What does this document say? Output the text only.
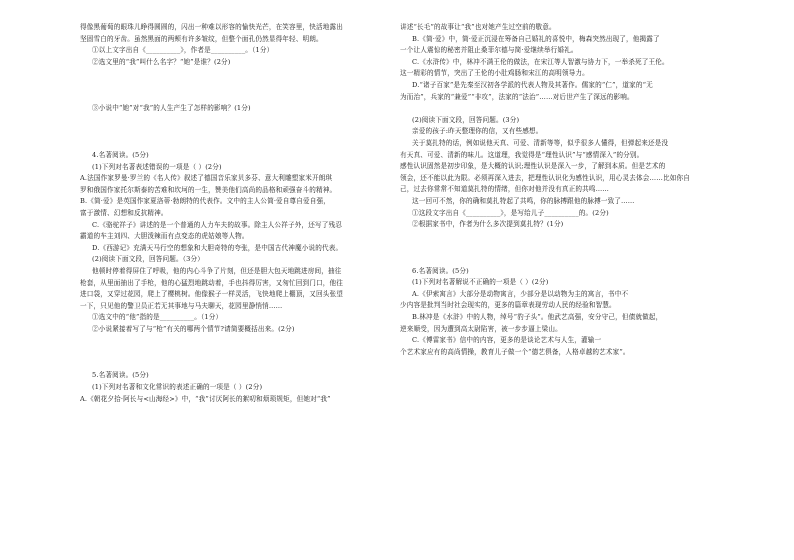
得像黑葡萄的眼珠儿睁得圆圆的，闪出一种难以形容的愉快光芒，在笑容里，快活地露出
坚固雪白的牙齿。虽然黑面的两颊有许多皱纹，但整个面孔仍然显得年轻、明朗。
①以上文字出自《__________》，作者是__________。（1分）
②选文里的“我”叫什么名字？“她”是谁？(2分)
③小说中“她”对“我”的人生产生了怎样的影响？(1分)
4.名著阅读。(5分)
(1)下列对名著表述错误的一项是（ ）(2分)
A.法国作家罗曼·罗兰的《名人传》叙述了德国音乐家贝多芬、意大利雕塑家米开朗琪
罗和俄国作家托尔斯泰的苦难和坎坷的一生，赞美他们高尚的品格和顽强奋斗的精神。
B.《简·爱》是英国作家夏洛蒂·勃朗特的代表作。文中的主人公简·爱自尊自爱自强，
富于激情、幻想和反抗精神。
C.《骆驼祥子》讲述的是一个普通的人力车夫的故事。除主人公祥子外，还写了残忍
霸道的车主刘四、大胆泼辣而有点变态的虎姑娘等人物。
D.《西游记》充满天马行空的想象和大胆奇特的夸张，是中国古代神魔小说的代表。
(2)阅读下面文段，回答问题。（3分）
他顿时停着得屏住了呼吸，他的内心斗争了片刻，但还是胆大包天地跳进房间，抽往
枪套，从里面抽出了手枪，他的心猛烈地跳动着，手也抖得厉害，又匆忙回到门口，他往
进口袋，又穿过花园，爬上了樱桃树。他像猴子一样灵活，飞快地爬上棚顶，又回头张望
一下，只见他的警卫员正若无其事地与马夫聊天，花园里静悄悄……
①选文中的“他”指的是__________。（1分）
②小说紧接着写了与“枪”有关的哪两个情节?请简要概括出来。(2分)
5.名著阅读。(5分)
(1)下列对名著和文化常识的表述正确的一项是（ ）(2分)
A.《朝花夕拾·阿长与<山海经>》中，“我”讨厌阿长的絮叨和烦琐规矩，但她对“我”
讲述“长毛”的故事让“我”也对她产生过空前的敬意。
B.《简·爱》中，简·爱正沉浸在筹备自己婚礼的喜悦中，梅森突然出现了，他揭露了
一个让人震惊的秘密并阻止桑菲尔德与简·爱继续举行婚礼。
C.《水浒传》中，林冲不满王伦的做法，在宋江等人智激与协力下，一举杀死了王伦。
这一精彩的情节，突出了王伦的小肚鸡肠和宋江的高明领导力。
D.“诸子百家”是先秦至汉初各学派的代表人物及其著作。儒家的“仁”，道家的“无
为而治”，兵家的“兼爱”“非攻”，法家的“法治”……对后世产生了深远的影响。
(2)阅读下面文段，回答问题。(3分)
亲爱的孩子:昨天整理你的信，又有些感想。
关于莫扎特的话，例如说他天真、可爱、清新等等，似乎很多人懂得，但弹起来还是没
有天真、可爱、清新的味儿。这道理，我觉得是“理性认识”与“感情深入”的分别。
感性认识固然是初步印象，是大概的认识;理性认识是深入一步，了解到本质。但是艺术的
领会，还不能以此为限。必须再深入进去，把理性认识化为感性认识，用心灵去体会……比如你自
己，过去你常常不知道莫扎特的情绪，但你对他并没有真正的共鸣……
这一回可不然，你的确和莫扎特起了共鸣，你的脉搏跟他的脉搏一致了……
①这段文字出自《__________》，是写给儿子__________的。(2分)
②根据家书中，作者为什么多次提到莫扎特？(1分)
6.名著阅读。(5分)
(1)下列对名著解说不正确的一项是（ ）(2分)
A.《伊索寓言》大部分是动物寓言，少部分是以动物为主的寓言，书中不
少内容是批判当时社会现实的，更多的篇章表现劳动人民的经验和智慧。
B.林冲是《水浒》中的人物，绰号“豹子头”。他武艺高强，安分守己，但债就做起，
逆来顺受，因为遭到高太尉陷害，被一步步逼上梁山。
C.《傅雷家书》信中的内容，更多的是谈论艺术与人生，灌输一
个艺术家应有的高尚情操，教育儿子做一个“德艺俱备，人格卓越的艺术家”。
